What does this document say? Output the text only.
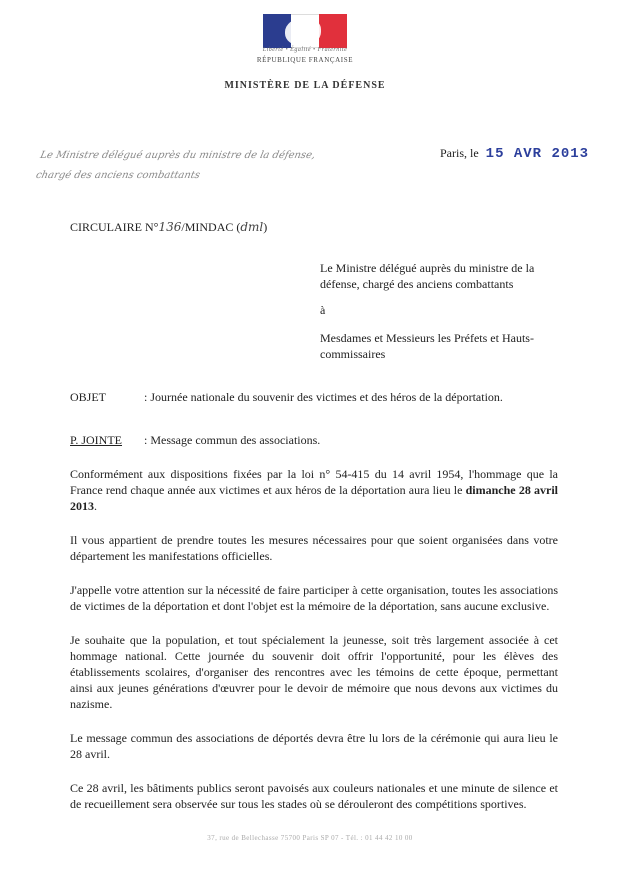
Liberté • Égalité • Fraternité
RÉPUBLIQUE FRANÇAISE
MINISTÈRE DE LA DÉFENSE
Le Ministre délégué auprès du ministre de la défense,
chargé des anciens combattants
Paris, le 15 AVR 2013
CIRCULAIRE N°136/MINDAC (dml)
Le Ministre délégué auprès du ministre de la défense, chargé des anciens combattants
à
Mesdames et Messieurs les Préfets et Hauts-commissaires
OBJET	: Journée nationale du souvenir des victimes et des héros de la déportation.
P. JOINTE : Message commun des associations.

Conformément aux dispositions fixées par la loi n° 54-415 du 14 avril 1954, l'hommage que la France rend chaque année aux victimes et aux héros de la déportation aura lieu le dimanche 28 avril 2013.

Il vous appartient de prendre toutes les mesures nécessaires pour que soient organisées dans votre département les manifestations officielles.

J'appelle votre attention sur la nécessité de faire participer à cette organisation, toutes les associations de victimes de la déportation et dont l'objet est la mémoire de la déportation, sans aucune exclusive.

Je souhaite que la population, et tout spécialement la jeunesse, soit très largement associée à cet hommage national. Cette journée du souvenir doit offrir l'opportunité, pour les élèves des établissements scolaires, d'organiser des rencontres avec les témoins de cette époque, permettant ainsi aux jeunes générations d'œuvrer pour le devoir de mémoire que nous devons aux victimes du nazisme.

Le message commun des associations de déportés devra être lu lors de la cérémonie qui aura lieu le 28 avril.

Ce 28 avril, les bâtiments publics seront pavoisés aux couleurs nationales et une minute de silence et de recueillement sera observée sur tous les stades où se dérouleront des compétitions sportives.

37, rue de Bellechasse 75700 Paris SP 07 - Tél. : 01 44 42 10 00
